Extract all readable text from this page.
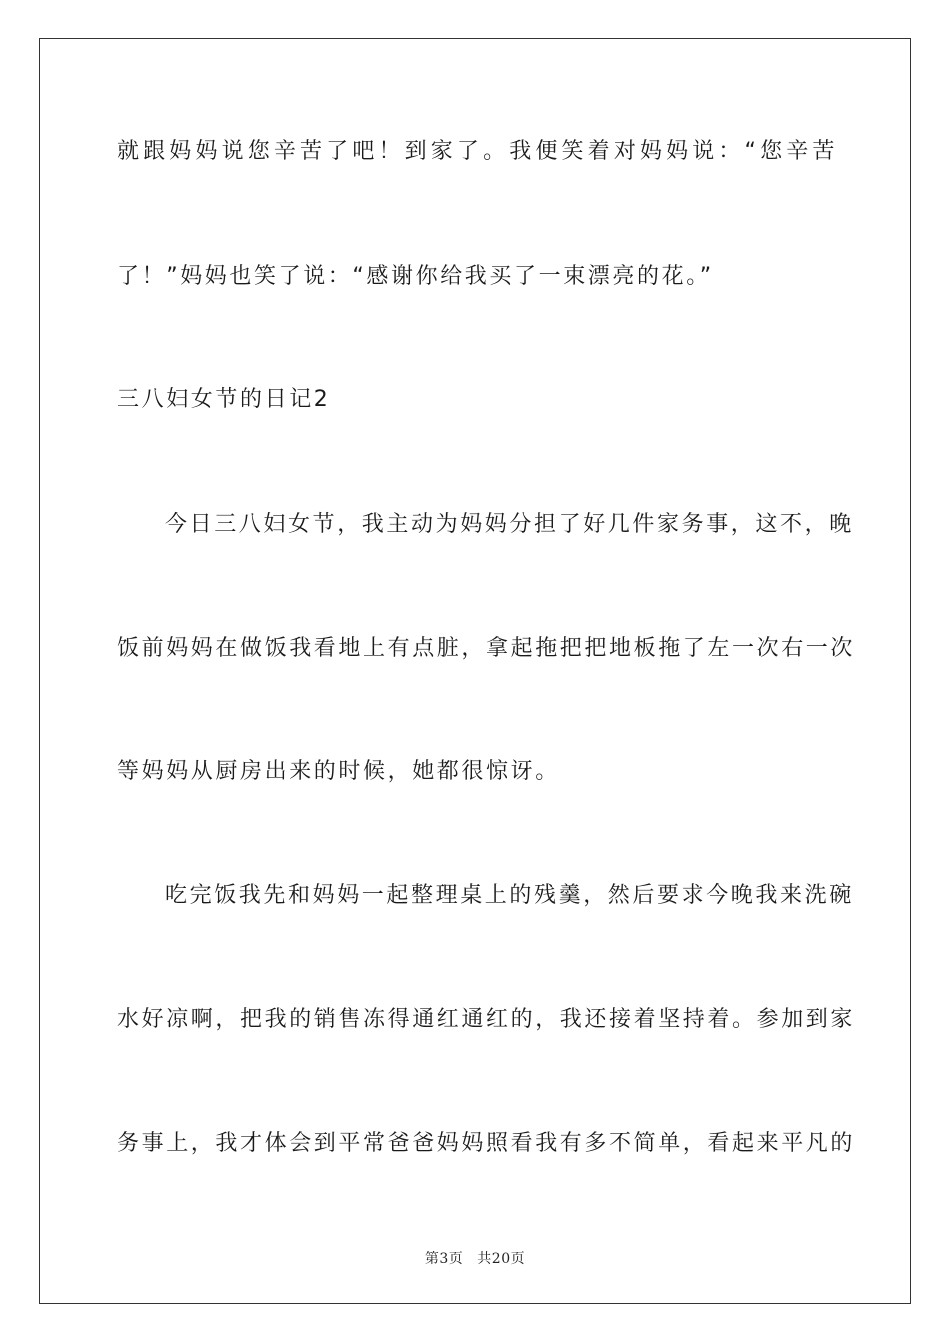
就跟妈妈说您辛苦了吧！到家了。我便笑着对妈妈说：“您辛苦
了！”妈妈也笑了说：“感谢你给我买了一束漂亮的花。”
三八妇女节的日记2
今日三八妇女节，我主动为妈妈分担了好几件家务事，这不，晚
饭前妈妈在做饭我看地上有点脏，拿起拖把把地板拖了左一次右一次
等妈妈从厨房出来的时候，她都很惊讶。
吃完饭我先和妈妈一起整理桌上的残羹，然后要求今晚我来洗碗
水好凉啊，把我的销售冻得通红通红的，我还接着坚持着。参加到家
务事上，我才体会到平常爸爸妈妈照看我有多不简单，看起来平凡的
第3页 共20页
